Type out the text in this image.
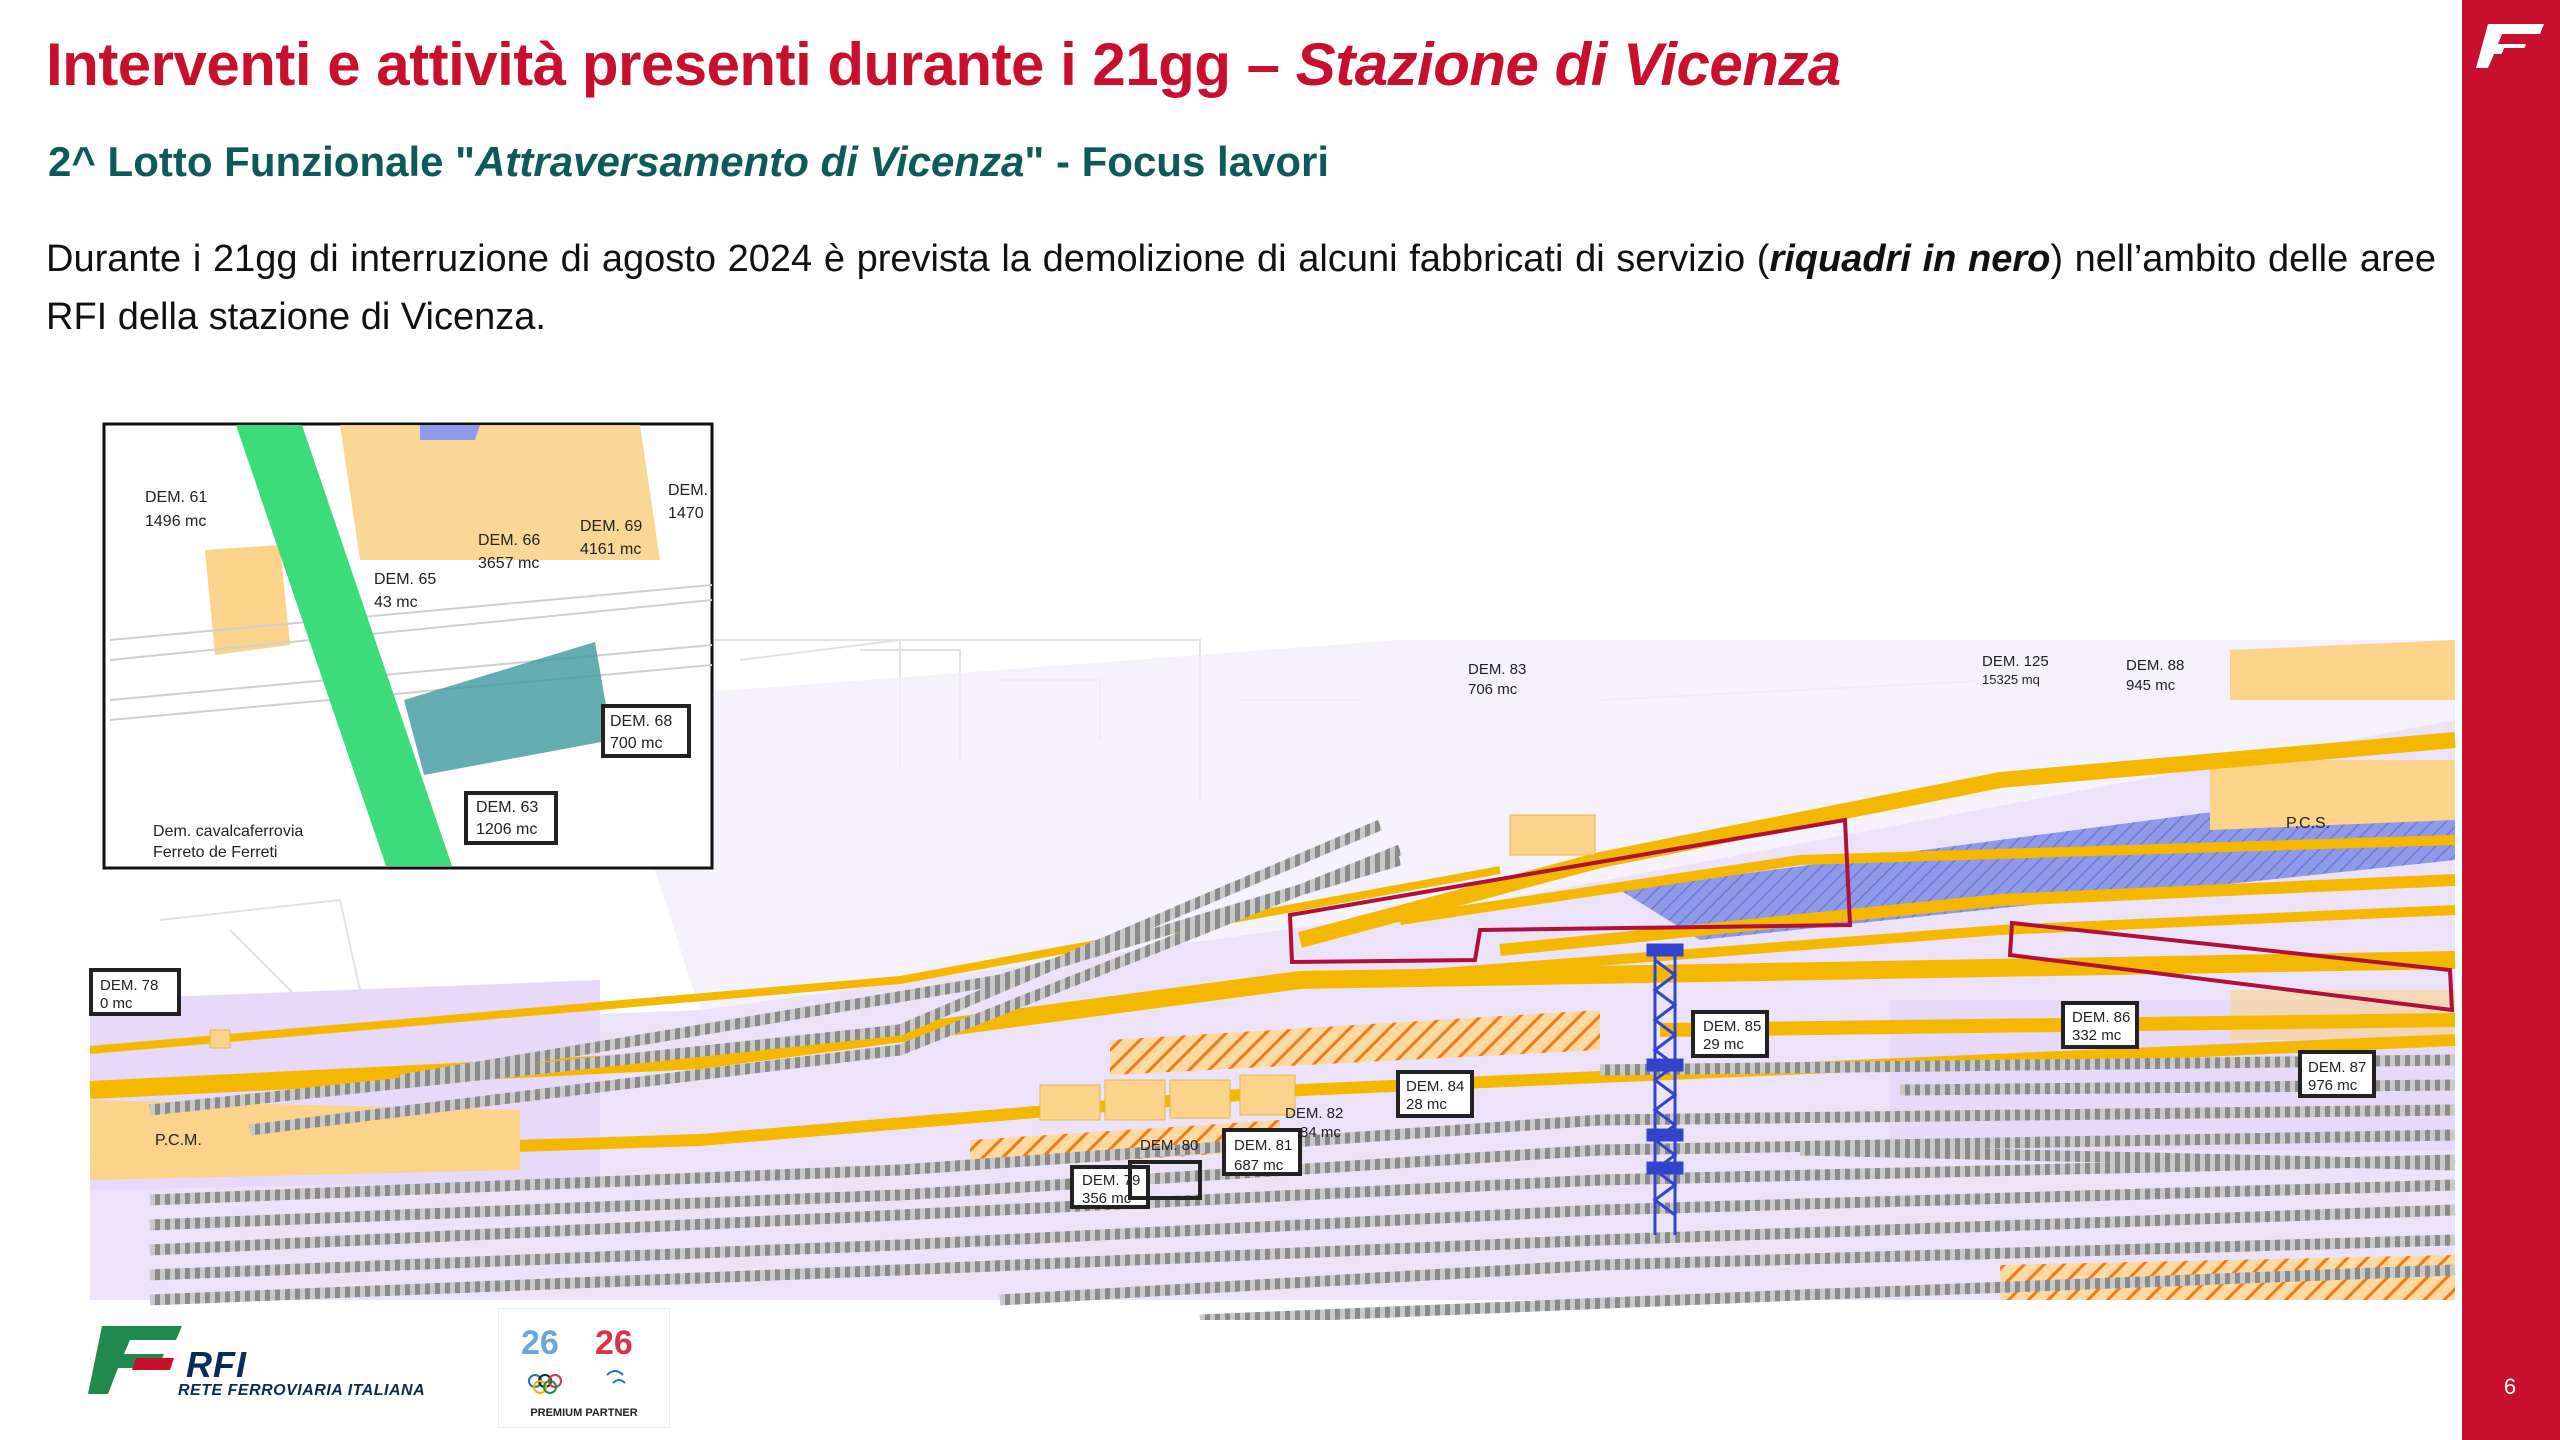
6
Interventi e attività presenti durante i 21gg – Stazione di Vicenza
2^ Lotto Funzionale "Attraversamento di Vicenza" - Focus lavori
Durante i 21gg di interruzione di agosto 2024 è prevista la demolizione di alcuni fabbricati di servizio (riquadri in nero) nell’ambito delle aree RFI della stazione di Vicenza.
DEM. 78
0 mc
DEM. 83
706 mc
DEM. 125
15325 mq
DEM. 88
945 mc
DEM. 85
29 mc
DEM. 86
332 mc
DEM. 87
976 mc
DEM. 84
28 mc
DEM. 82
84 mc
DEM. 80 DEM. 81
687 mc
DEM. 79
356 mc
P.C.M.
P.C.S.
DEM. 61
1496 mc
DEM. 66
3657 mc
DEM. 69
4161 mc
DEM.
1470
DEM. 65
43 mc
DEM. 68
700 mc
DEM. 63
1206 mc
Dem. cavalcaferrovia
Ferreto de Ferreti
RFI
RETE FERROVIARIA ITALIANA
26 26
PREMIUM PARTNER
